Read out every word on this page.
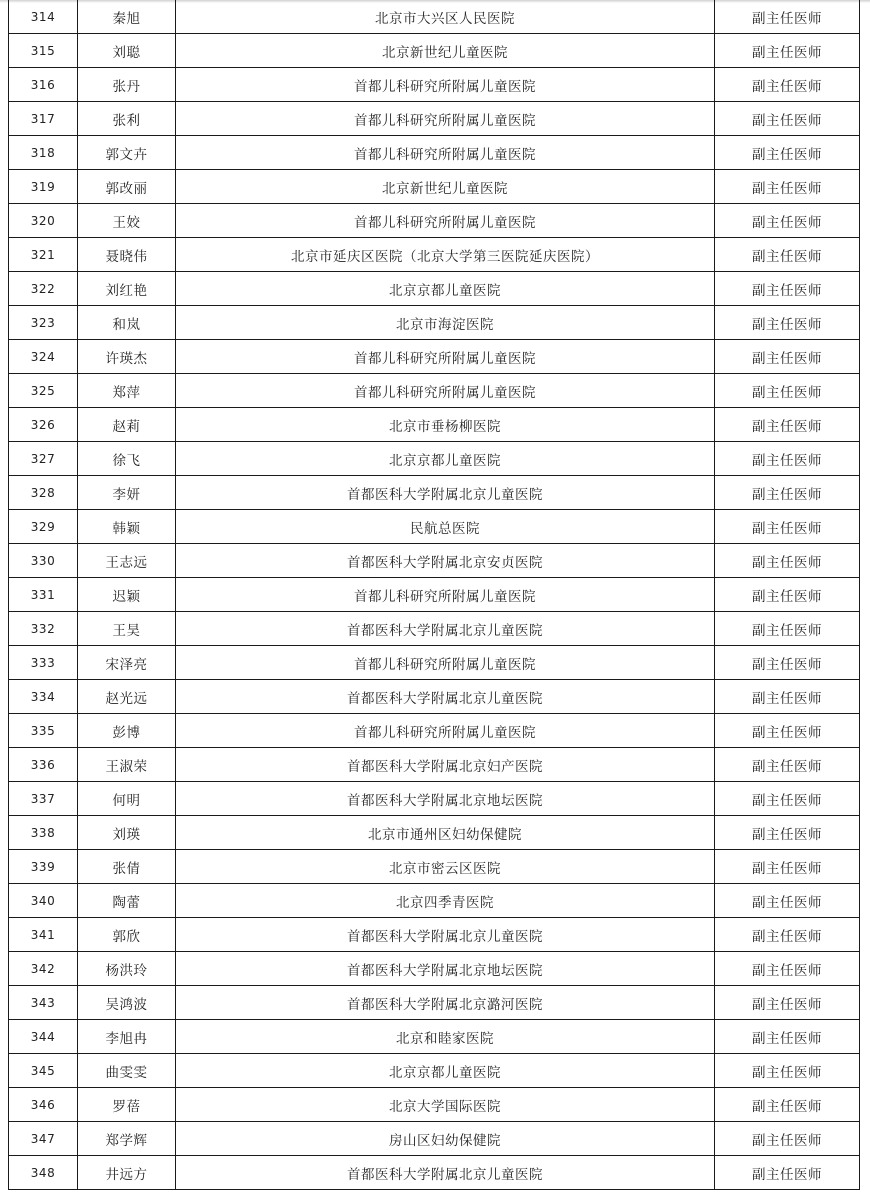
314	秦旭	北京市大兴区人民医院	副主任医师
315	刘聪	北京新世纪儿童医院	副主任医师
316	张丹	首都儿科研究所附属儿童医院	副主任医师
317	张利	首都儿科研究所附属儿童医院	副主任医师
318	郭文卉	首都儿科研究所附属儿童医院	副主任医师
319	郭改丽	北京新世纪儿童医院	副主任医师
320	王姣	首都儿科研究所附属儿童医院	副主任医师
321	聂晓伟	北京市延庆区医院（北京大学第三医院延庆医院）	副主任医师
322	刘红艳	北京京都儿童医院	副主任医师
323	和岚	北京市海淀医院	副主任医师
324	许瑛杰	首都儿科研究所附属儿童医院	副主任医师
325	郑萍	首都儿科研究所附属儿童医院	副主任医师
326	赵莉	北京市垂杨柳医院	副主任医师
327	徐飞	北京京都儿童医院	副主任医师
328	李妍	首都医科大学附属北京儿童医院	副主任医师
329	韩颖	民航总医院	副主任医师
330	王志远	首都医科大学附属北京安贞医院	副主任医师
331	迟颖	首都儿科研究所附属儿童医院	副主任医师
332	王昊	首都医科大学附属北京儿童医院	副主任医师
333	宋泽亮	首都儿科研究所附属儿童医院	副主任医师
334	赵光远	首都医科大学附属北京儿童医院	副主任医师
335	彭博	首都儿科研究所附属儿童医院	副主任医师
336	王淑荣	首都医科大学附属北京妇产医院	副主任医师
337	何明	首都医科大学附属北京地坛医院	副主任医师
338	刘瑛	北京市通州区妇幼保健院	副主任医师
339	张倩	北京市密云区医院	副主任医师
340	陶蕾	北京四季青医院	副主任医师
341	郭欣	首都医科大学附属北京儿童医院	副主任医师
342	杨洪玲	首都医科大学附属北京地坛医院	副主任医师
343	吴鸿波	首都医科大学附属北京潞河医院	副主任医师
344	李旭冉	北京和睦家医院	副主任医师
345	曲雯雯	北京京都儿童医院	副主任医师
346	罗蓓	北京大学国际医院	副主任医师
347	郑学辉	房山区妇幼保健院	副主任医师
348	井远方	首都医科大学附属北京儿童医院	副主任医师
